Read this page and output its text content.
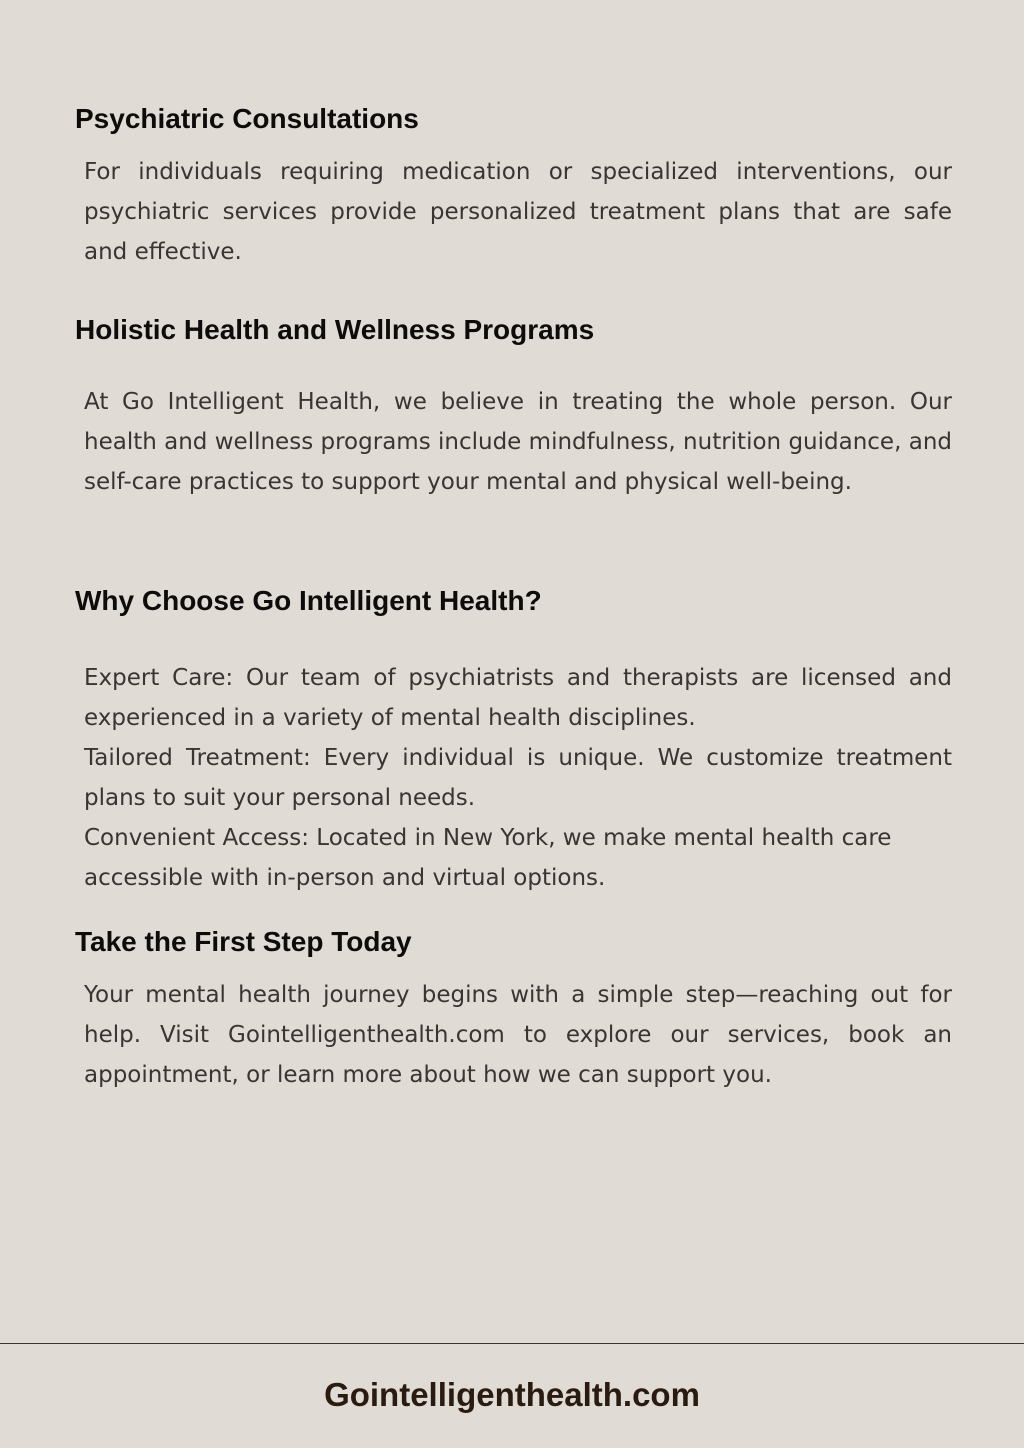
Psychiatric Consultations

For individuals requiring medication or specialized interventions, our psychiatric services provide personalized treatment plans that are safe and effective.

Holistic Health and Wellness Programs

At Go Intelligent Health, we believe in treating the whole person. Our health and wellness programs include mindfulness, nutrition guidance, and self-care practices to support your mental and physical well-being.

Why Choose Go Intelligent Health?

Expert Care: Our team of psychiatrists and therapists are licensed and experienced in a variety of mental health disciplines.

Tailored Treatment: Every individual is unique. We customize treatment plans to suit your personal needs.

Convenient Access: Located in New York, we make mental health care accessible with in-person and virtual options.

Take the First Step Today

Your mental health journey begins with a simple step—reaching out for help. Visit Gointelligenthealth.com to explore our services, book an appointment, or learn more about how we can support you.

Gointelligenthealth.com
